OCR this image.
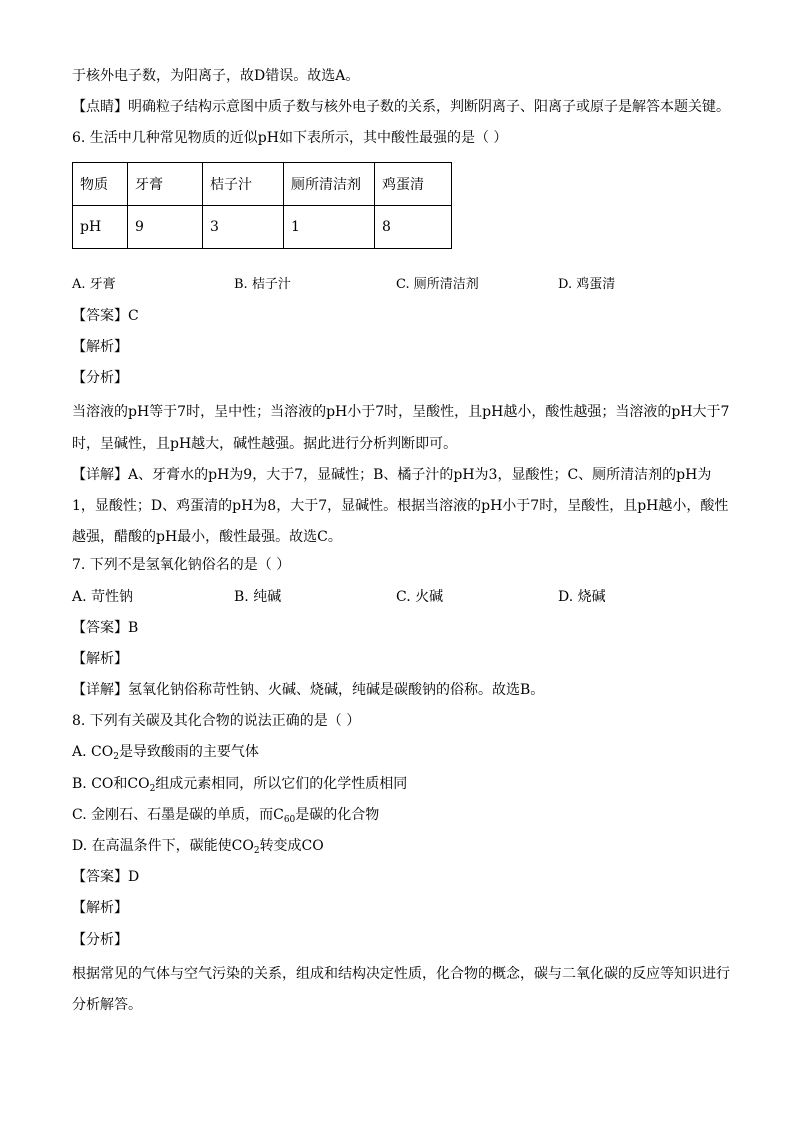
于核外电子数，为阳离子，故D错误。故选A。
【点睛】明确粒子结构示意图中质子数与核外电子数的关系，判断阴离子、阳离子或原子是解答本题关键。
6. 生活中几种常见物质的近似pH如下表所示，其中酸性最强的是（ ）
物质	牙膏	桔子汁	厕所清洁剂	鸡蛋清
pH	9	3	1	8
A. 牙膏	B. 桔子汁	C. 厕所清洁剂	D. 鸡蛋清
【答案】C
【解析】
【分析】
当溶液的pH等于7时，呈中性；当溶液的pH小于7时，呈酸性，且pH越小，酸性越强；当溶液的pH大于7时，呈碱性，且pH越大，碱性越强。据此进行分析判断即可。
【详解】A、牙膏水的pH为9，大于7，显碱性；B、橘子汁的pH为3，显酸性；C、厕所清洁剂的pH为1，显酸性；D、鸡蛋清的pH为8，大于7，显碱性。根据当溶液的pH小于7时，呈酸性，且pH越小，酸性越强，醋酸的pH最小，酸性最强。故选C。
7. 下列不是氢氧化钠俗名的是（ ）
A. 苛性钠	B. 纯碱	C. 火碱	D. 烧碱
【答案】B
【解析】
【详解】氢氧化钠俗称苛性钠、火碱、烧碱，纯碱是碳酸钠的俗称。故选B。
8. 下列有关碳及其化合物的说法正确的是（ ）
A. $CO_2$是导致酸雨的主要气体
B. CO和$CO_2$组成元素相同，所以它们的化学性质相同
C. 金刚石、石墨是碳的单质，而$C_{60}$是碳的化合物
D. 在高温条件下，碳能使$CO_2$转变成CO
【答案】D
【解析】
【分析】
根据常见的气体与空气污染的关系，组成和结构决定性质，化合物的概念，碳与二氧化碳的反应等知识进行分析解答。
